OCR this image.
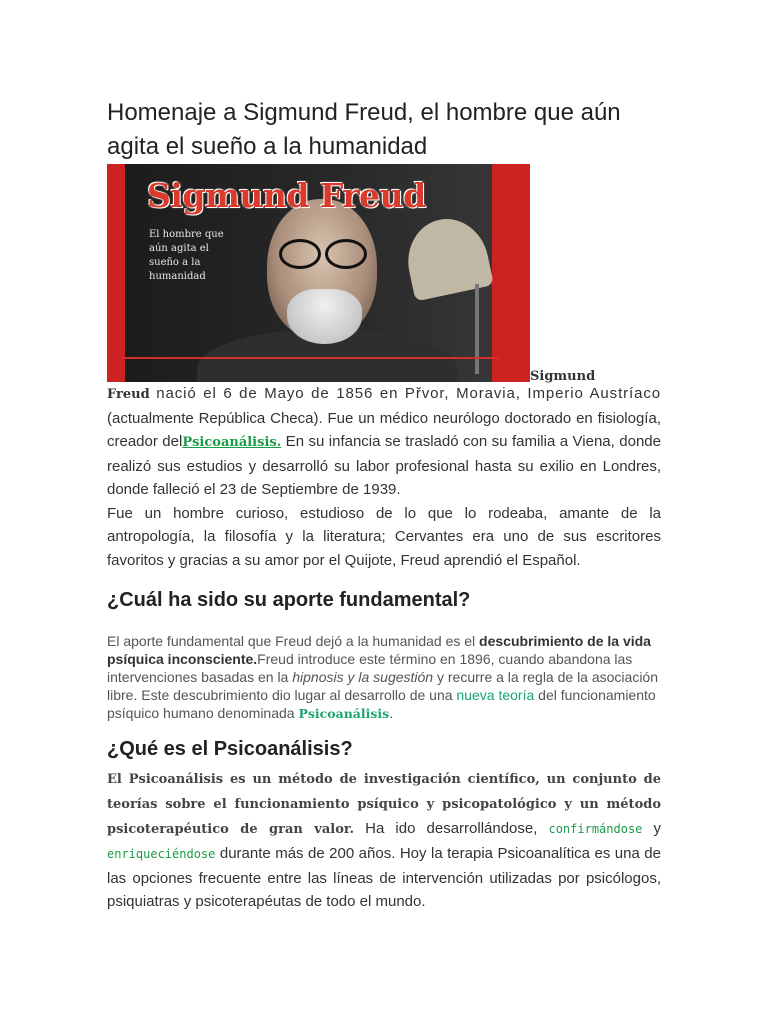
Homenaje a Sigmund Freud, el hombre que aún
agita el sueño a la humanidad
Sigmund Freud
El hombre que
aún agita el
sueño a la
humanidad
Sigmund

Freud nació el 6 de Mayo de 1856 en Přvor, Moravia, Imperio Austríaco (actualmente República Checa). Fue un médico neurólogo doctorado en fisiología, creador delPsicoanálisis. En su infancia se trasladó con su familia a Viena, donde realizó sus estudios y desarrolló su labor profesional hasta su exilio en Londres, donde falleció el 23 de Septiembre de 1939.

Fue un hombre curioso, estudioso de lo que lo rodeaba, amante de la antropología, la filosofía y la literatura; Cervantes era uno de sus escritores favoritos y gracias a su amor por el Quijote, Freud aprendió el Español.

¿Cuál ha sido su aporte fundamental?

El aporte fundamental que Freud dejó a la humanidad es el descubrimiento de la vida psíquica inconsciente.Freud introduce este término en 1896, cuando abandona las intervenciones basadas en la hipnosis y la sugestión y recurre a la regla de la asociación libre. Este descubrimiento dio lugar al desarrollo de una nueva teoría del funcionamiento psíquico humano denominada Psicoanálisis.

¿Qué es el Psicoanálisis?

El Psicoanálisis es un método de investigación científico, un conjunto de teorías sobre el funcionamiento psíquico y psicopatológico y un método psicoterapéutico de gran valor. Ha ido desarrollándose, confirmándose y enriqueciéndose durante más de 200 años. Hoy la terapia Psicoanalítica es una de las opciones frecuente entre las líneas de intervención utilizadas por psicólogos, psiquiatras y psicoterapéutas de todo el mundo.
